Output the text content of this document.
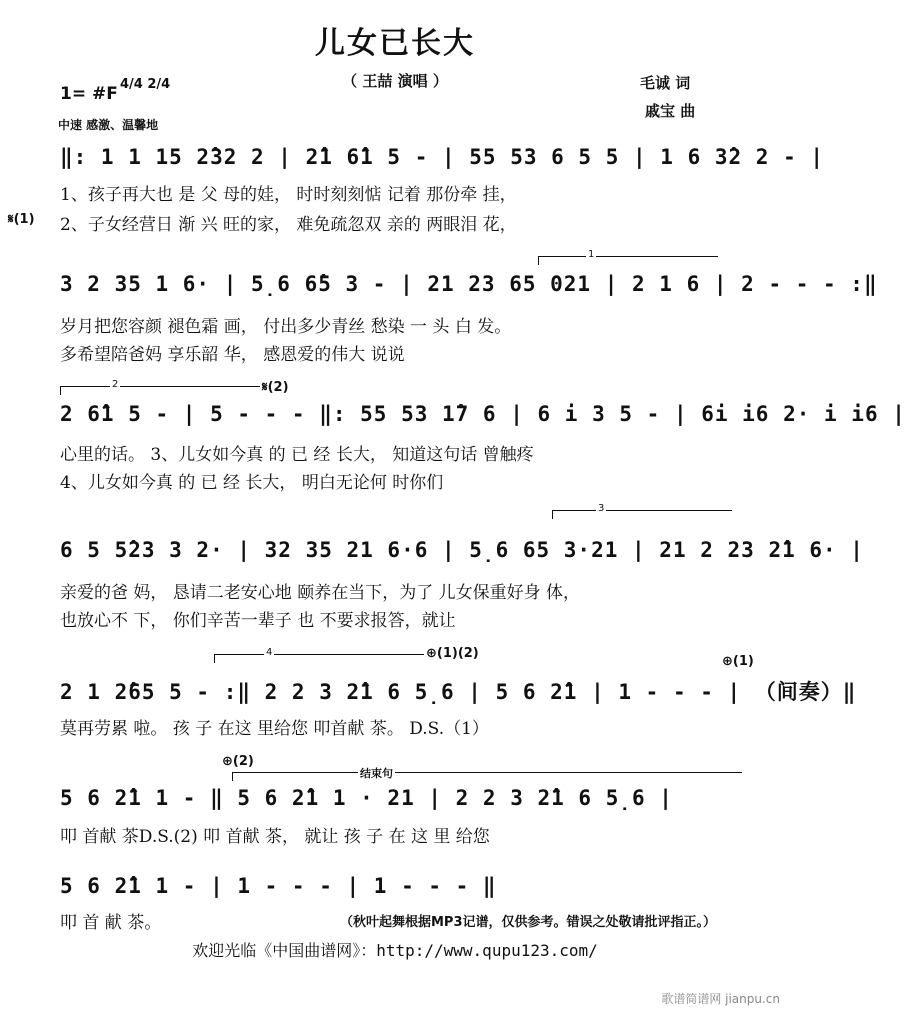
儿女已长大
（ 王喆 演唱 ）	毛诚 词
戚宝 曲
1= #F 4/4 2/4
中速 感激、温馨地
𝄋(1)
‖: 1 1 15 2̂32 2 | 2̂1 6̂1 5 - | 55 53 6 5 5 | 1 6 3̂2 2 - |
1、孩子再大也 是 父 母的娃， 时时刻刻惦 记着 那份牵 挂，
2、子女经营日 渐 兴 旺的家， 难免疏忽双 亲的 两眼泪 花，
1
3 2 35 1 6· | 5̣6 6̂5 3 - | 21 23 65 021 | 2 1 6 | 2 - - - :‖
岁月把您容颜 褪色霜 画， 付出多少青丝 愁染 一 头 白 发。
多希望陪爸妈 享乐韶 华， 感恩爱的伟大 说说
2	𝄋(2)
2 6̂1 5 - | 5 - - - ‖: 55 53 1̂7 6 | 6 i 3 5 - | 6i i6 2· i i6 |
心里的话。 3、儿女如今真 的 已 经 长大， 知道这句话 曾触疼
4、儿女如今真 的 已 经 长大， 明白无论何 时你们
3
6 5 5̂23 3 2· | 32 35 21 6·6 | 5̣6 65 3·21 | 21 2 23 2̂1 6· |
亲爱的爸 妈， 恳请二老安心地 颐养在当下，为了 儿女保重好身 体，
也放心不 下， 你们辛苦一辈子 也 不要求报答，就让
4	⊕(1)(2)
⊕(1)
2 1 2̂65 5 - :‖ 2 2 3 2̂1 6 5̣6 | 5 6 2̂1 | 1 - - - | （间奏）‖
莫再劳累 啦。 孩 子 在这 里给您 叩首献 茶。 D.S.（1）
⊕(2)
结束句
5 6 2̂1 1 - ‖ 5 6 2̂1 1 · 21 | 2 2 3 2̂1 6 5̣6 |
叩 首献 茶D.S.(2) 叩 首献 茶， 就让 孩 子 在 这 里 给您
5 6 2̂1 1 - | 1 - - - | 1 - - - ‖
叩 首 献 茶。	（秋叶起舞根据MP3记谱，仅供参考。错误之处敬请批评指正。）
欢迎光临《中国曲谱网》：http://www.qupu123.com/
歌谱简谱网 jianpu.cn
